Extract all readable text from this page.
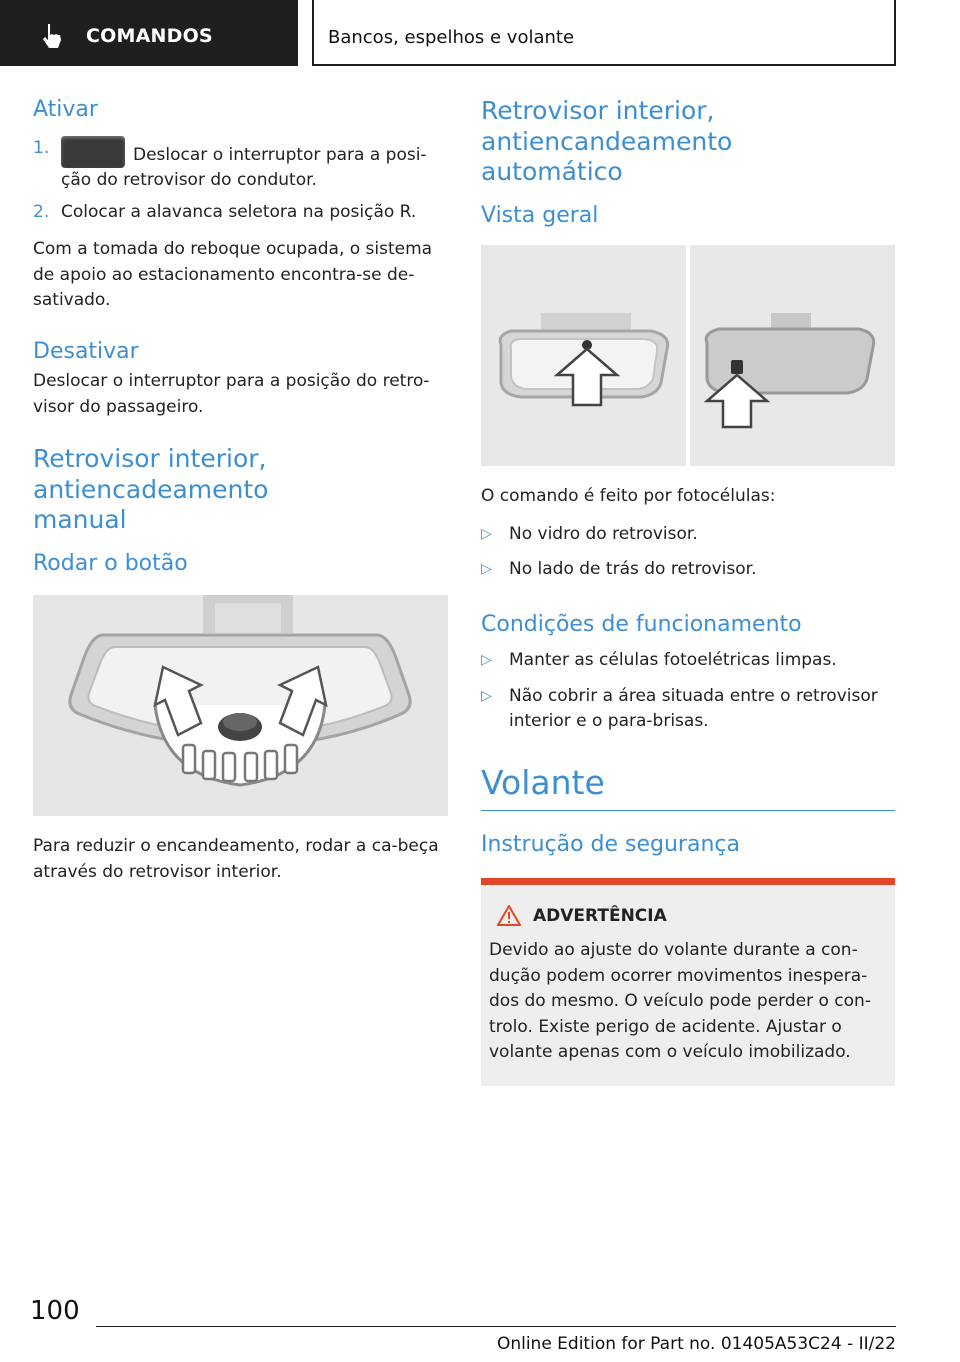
COMANDOS	Bancos, espelhos e volante
Ativar
1.	Deslocar o interruptor para a posi‐ção do retrovisor do condutor.
2. Colocar a alavanca seletora na posição R.

Com a tomada do reboque ocupada, o sistema de apoio ao estacionamento encontra-se de‐sativado.

Desativar

Deslocar o interruptor para a posição do retro‐visor do passageiro.

Retrovisor interior, antiencadeamento manual
Rodar o botão

Para reduzir o encandeamento, rodar a ca‐beça através do retrovisor interior.

Retrovisor interior, antiencandeamento automático
Vista geral

O comando é feito por fotocélulas:

▷	No vidro do retrovisor.
▷	No lado de trás do retrovisor.
Condições de funcionamento
▷	Manter as células fotoelétricas limpas.
▷	Não cobrir a área situada entre o retrovisor interior e o para-brisas.
Volante
Instrução de segurança
ADVERTÊNCIA

Devido ao ajuste do volante durante a con‐dução podem ocorrer movimentos inespera‐dos do mesmo. O veículo pode perder o con‐trolo. Existe perigo de acidente. Ajustar o volante apenas com o veículo imobilizado.

100
Online Edition for Part no. 01405A53C24 - II/22
